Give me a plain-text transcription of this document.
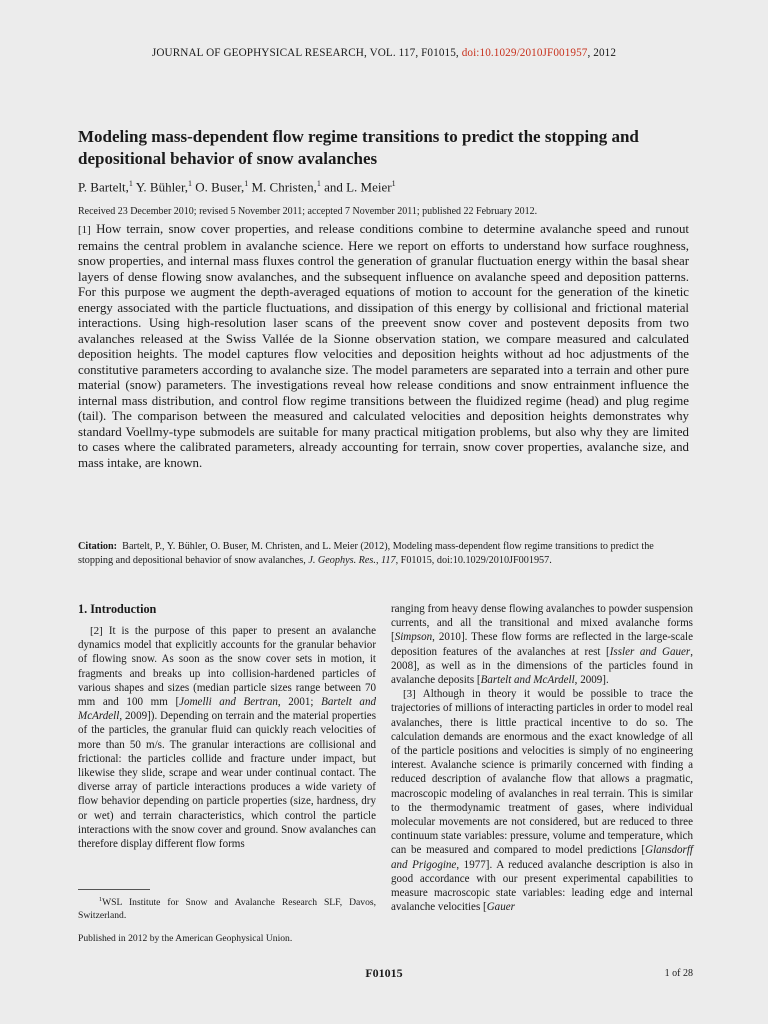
JOURNAL OF GEOPHYSICAL RESEARCH, VOL. 117, F01015, doi:10.1029/2010JF001957, 2012
Modeling mass-dependent flow regime transitions to predict the stopping and depositional behavior of snow avalanches
P. Bartelt,$^1$ Y. Bühler,$^1$ O. Buser,$^1$ M. Christen,$^1$ and L. Meier$^1$
Received 23 December 2010; revised 5 November 2011; accepted 7 November 2011; published 22 February 2012.

[1] How terrain, snow cover properties, and release conditions combine to determine avalanche speed and runout remains the central problem in avalanche science. Here we report on efforts to understand how surface roughness, snow properties, and internal mass fluxes control the generation of granular fluctuation energy within the basal shear layers of dense flowing snow avalanches, and the subsequent influence on avalanche speed and deposition patterns. For this purpose we augment the depth-averaged equations of motion to account for the generation of the kinetic energy associated with the particle fluctuations, and dissipation of this energy by collisional and frictional material interactions. Using high-resolution laser scans of the preevent snow cover and postevent deposits from two avalanches released at the Swiss Vallée de la Sionne observation station, we compare measured and calculated deposition heights. The model captures flow velocities and deposition heights without ad hoc adjustments of the constitutive parameters according to avalanche size. The model parameters are separated into a terrain and other pure material (snow) parameters. The investigations reveal how release conditions and snow entrainment influence the internal mass distribution, and control flow regime transitions between the fluidized regime (head) and plug regime (tail). The comparison between the measured and calculated velocities and deposition heights demonstrates why standard Voellmy-type submodels are suitable for many practical mitigation problems, but also why they are limited to cases where the calibrated parameters, already accounting for terrain, snow cover properties, avalanche size, and mass intake, are known.

Citation: Bartelt, P., Y. Bühler, O. Buser, M. Christen, and L. Meier (2012), Modeling mass-dependent flow regime transitions to predict the stopping and depositional behavior of snow avalanches, J. Geophys. Res., 117, F01015, doi:10.1029/2010JF001957.

1. Introduction

[2] It is the purpose of this paper to present an avalanche dynamics model that explicitly accounts for the granular behavior of flowing snow. As soon as the snow cover sets in motion, it fragments and breaks up into collision-hardened particles of various shapes and sizes (median particle sizes range between 70 mm and 100 mm [Jomelli and Bertran, 2001; Bartelt and McArdell, 2009]). Depending on terrain and the material properties of the particles, the granular fluid can quickly reach velocities of more than 50 m/s. The granular interactions are collisional and frictional: the particles collide and fracture under impact, but likewise they slide, scrape and wear under continual contact. The diverse array of particle interactions produces a wide variety of flow behavior depending on particle properties (size, hardness, dry or wet) and terrain characteristics, which control the particle interactions with the snow cover and ground. Snow avalanches can therefore display different flow forms

ranging from heavy dense flowing avalanches to powder suspension currents, and all the transitional and mixed avalanche forms [Simpson, 2010]. These flow forms are reflected in the large-scale deposition features of the avalanches at rest [Issler and Gauer, 2008], as well as in the dimensions of the particles found in avalanche deposits [Bartelt and McArdell, 2009].

[3] Although in theory it would be possible to trace the trajectories of millions of interacting particles in order to model real avalanches, there is little practical incentive to do so. The calculation demands are enormous and the exact knowledge of all of the particle positions and velocities is simply of no engineering interest. Avalanche science is primarily concerned with finding a reduced description of avalanche flow that allows a pragmatic, macroscopic modeling of avalanches in real terrain. This is similar to the thermodynamic treatment of gases, where individual molecular movements are not considered, but are reduced to three continuum state variables: pressure, volume and temperature, which can be measured and compared to model predictions [Glansdorff and Prigogine, 1977]. A reduced avalanche description is also in good accordance with our present experimental capabilities to measure macroscopic state variables: leading edge and internal avalanche velocities [Gauer

$^1$WSL Institute for Snow and Avalanche Research SLF, Davos, Switzerland.

Published in 2012 by the American Geophysical Union.
F01015	1 of 28
